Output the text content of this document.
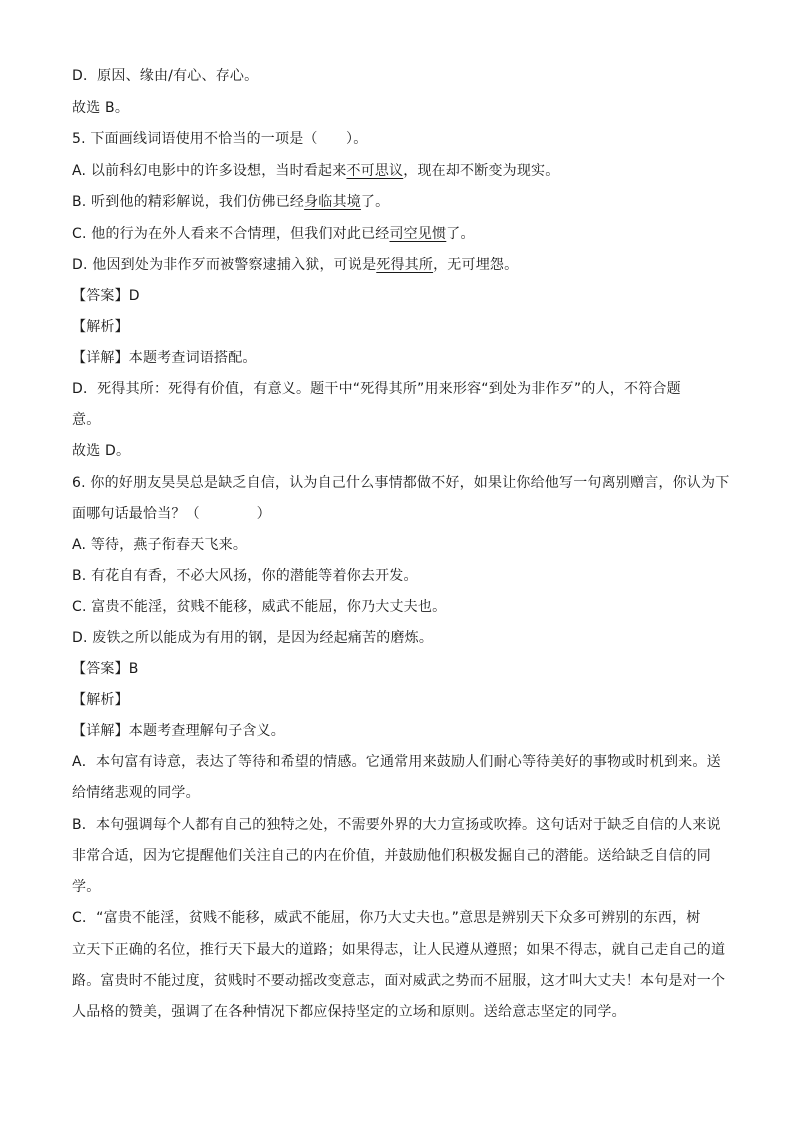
D．原因、缘由/有心、存心。
故选 B。
5. 下面画线词语使用不恰当的一项是（　　）。
A. 以前科幻电影中的许多设想，当时看起来不可思议，现在却不断变为现实。
B. 听到他的精彩解说，我们仿佛已经身临其境了。
C. 他的行为在外人看来不合情理，但我们对此已经司空见惯了。
D. 他因到处为非作歹而被警察逮捕入狱，可说是死得其所，无可埋怨。
【答案】D
【解析】
【详解】本题考查词语搭配。
D．死得其所：死得有价值，有意义。题干中“死得其所”用来形容“到处为非作歹”的人，不符合题
意。
故选 D。
6. 你的好朋友昊昊总是缺乏自信，认为自己什么事情都做不好，如果让你给他写一句离别赠言，你认为下
面哪句话最恰当？（　　　　）
A. 等待，燕子衔春天飞来。
B. 有花自有香，不必大风扬，你的潜能等着你去开发。
C. 富贵不能淫，贫贱不能移，威武不能屈，你乃大丈夫也。
D. 废铁之所以能成为有用的钢，是因为经起痛苦的磨炼。
【答案】B
【解析】
【详解】本题考查理解句子含义。
A．本句富有诗意，表达了等待和希望的情感。它通常用来鼓励人们耐心等待美好的事物或时机到来。送
给情绪悲观的同学。
B．本句强调每个人都有自己的独特之处，不需要外界的大力宣扬或吹捧。这句话对于缺乏自信的人来说
非常合适，因为它提醒他们关注自己的内在价值，并鼓励他们积极发掘自己的潜能。送给缺乏自信的同
学。
C．“富贵不能淫，贫贱不能移，威武不能屈，你乃大丈夫也。”意思是辨别天下众多可辨别的东西，树
立天下正确的名位，推行天下最大的道路；如果得志，让人民遵从遵照；如果不得志，就自己走自己的道
路。富贵时不能过度，贫贱时不要动摇改变意志，面对威武之势而不屈服，这才叫大丈夫！本句是对一个
人品格的赞美，强调了在各种情况下都应保持坚定的立场和原则。送给意志坚定的同学。
